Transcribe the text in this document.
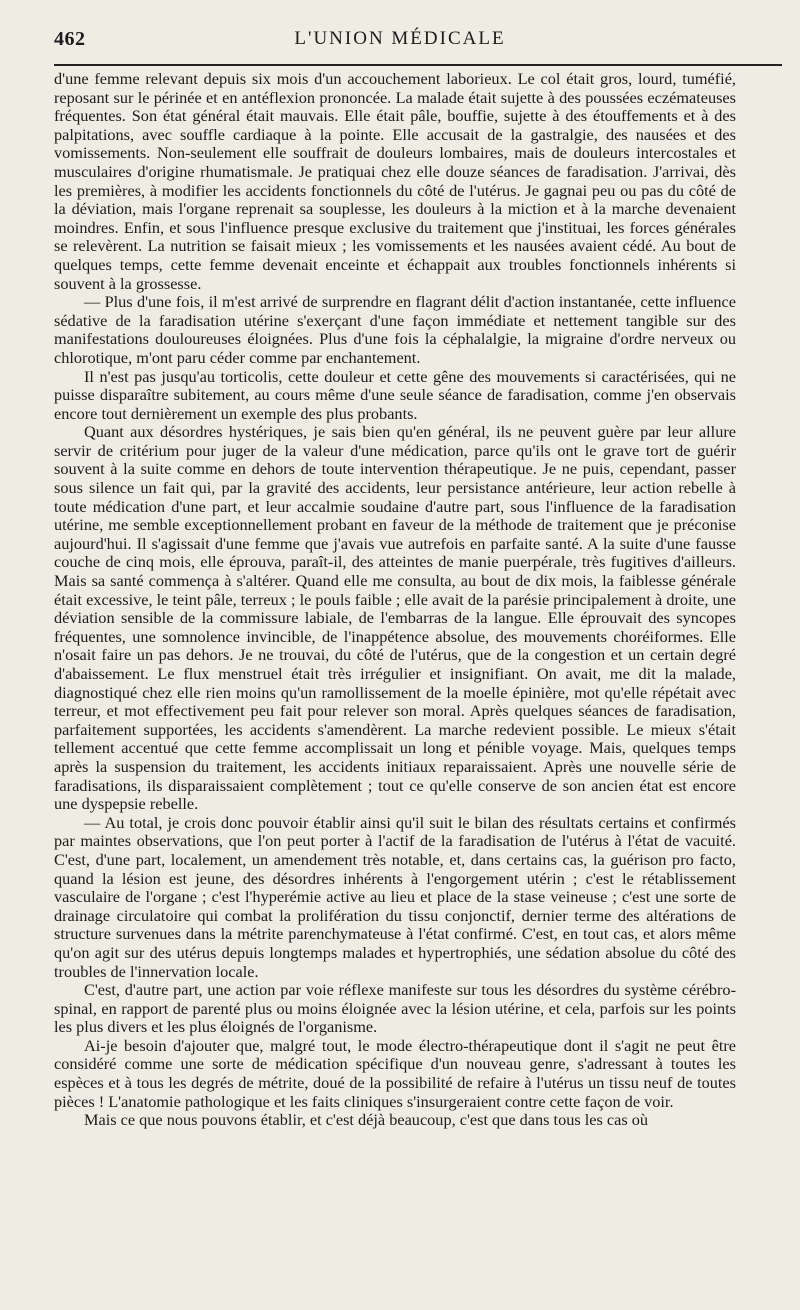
462	L'UNION MÉDICALE

d'une femme relevant depuis six mois d'un accouchement laborieux. Le col était gros, lourd, tuméfié, reposant sur le périnée et en antéflexion prononcée. La malade était sujette à des poussées eczémateuses fréquentes. Son état général était mauvais. Elle était pâle, bouffie, sujette à des étouffements et à des palpitations, avec souffle cardiaque à la pointe. Elle accusait de la gastralgie, des nausées et des vomissements. Non-seulement elle souffrait de douleurs lombaires, mais de douleurs intercostales et musculaires d'origine rhumatismale. Je pratiquai chez elle douze séances de faradisation. J'arrivai, dès les premières, à modifier les accidents fonctionnels du côté de l'utérus. Je gagnai peu ou pas du côté de la déviation, mais l'organe reprenait sa souplesse, les douleurs à la miction et à la marche devenaient moindres. Enfin, et sous l'influence presque exclusive du traitement que j'instituai, les forces générales se relevèrent. La nutrition se faisait mieux ; les vomissements et les nausées avaient cédé. Au bout de quelques temps, cette femme devenait enceinte et échappait aux troubles fonctionnels inhérents si souvent à la grossesse.

— Plus d'une fois, il m'est arrivé de surprendre en flagrant délit d'action instantanée, cette influence sédative de la faradisation utérine s'exerçant d'une façon immédiate et nettement tangible sur des manifestations douloureuses éloignées. Plus d'une fois la céphalalgie, la migraine d'ordre nerveux ou chlorotique, m'ont paru céder comme par enchantement.

Il n'est pas jusqu'au torticolis, cette douleur et cette gêne des mouvements si caractérisées, qui ne puisse disparaître subitement, au cours même d'une seule séance de faradisation, comme j'en observais encore tout dernièrement un exemple des plus probants.

Quant aux désordres hystériques, je sais bien qu'en général, ils ne peuvent guère par leur allure servir de critérium pour juger de la valeur d'une médication, parce qu'ils ont le grave tort de guérir souvent à la suite comme en dehors de toute intervention thérapeutique. Je ne puis, cependant, passer sous silence un fait qui, par la gravité des accidents, leur persistance antérieure, leur action rebelle à toute médication d'une part, et leur accalmie soudaine d'autre part, sous l'influence de la faradisation utérine, me semble exceptionnellement probant en faveur de la méthode de traitement que je préconise aujourd'hui. Il s'agissait d'une femme que j'avais vue autrefois en parfaite santé. A la suite d'une fausse couche de cinq mois, elle éprouva, paraît-il, des atteintes de manie puerpérale, très fugitives d'ailleurs. Mais sa santé commença à s'altérer. Quand elle me consulta, au bout de dix mois, la faiblesse générale était excessive, le teint pâle, terreux ; le pouls faible ; elle avait de la parésie principalement à droite, une déviation sensible de la commissure labiale, de l'embarras de la langue. Elle éprouvait des syncopes fréquentes, une somnolence invincible, de l'inappétence absolue, des mouvements choréiformes. Elle n'osait faire un pas dehors. Je ne trouvai, du côté de l'utérus, que de la congestion et un certain degré d'abaissement. Le flux menstruel était très irrégulier et insignifiant. On avait, me dit la malade, diagnostiqué chez elle rien moins qu'un ramollissement de la moelle épinière, mot qu'elle répétait avec terreur, et mot effectivement peu fait pour relever son moral. Après quelques séances de faradisation, parfaitement supportées, les accidents s'amendèrent. La marche redevient possible. Le mieux s'était tellement accentué que cette femme accomplissait un long et pénible voyage. Mais, quelques temps après la suspension du traitement, les accidents initiaux reparaissaient. Après une nouvelle série de faradisations, ils disparaissaient complètement ; tout ce qu'elle conserve de son ancien état est encore une dyspepsie rebelle.

— Au total, je crois donc pouvoir établir ainsi qu'il suit le bilan des résultats certains et confirmés par maintes observations, que l'on peut porter à l'actif de la faradisation de l'utérus à l'état de vacuité. C'est, d'une part, localement, un amendement très notable, et, dans certains cas, la guérison pro facto, quand la lésion est jeune, des désordres inhérents à l'engorgement utérin ; c'est le rétablissement vasculaire de l'organe ; c'est l'hyperémie active au lieu et place de la stase veineuse ; c'est une sorte de drainage circulatoire qui combat la prolifération du tissu conjonctif, dernier terme des altérations de structure survenues dans la métrite parenchymateuse à l'état confirmé. C'est, en tout cas, et alors même qu'on agit sur des utérus depuis longtemps malades et hypertrophiés, une sédation absolue du côté des troubles de l'innervation locale.

C'est, d'autre part, une action par voie réflexe manifeste sur tous les désordres du système cérébro-spinal, en rapport de parenté plus ou moins éloignée avec la lésion utérine, et cela, parfois sur les points les plus divers et les plus éloignés de l'organisme.

Ai-je besoin d'ajouter que, malgré tout, le mode électro-thérapeutique dont il s'agit ne peut être considéré comme une sorte de médication spécifique d'un nouveau genre, s'adressant à toutes les espèces et à tous les degrés de métrite, doué de la possibilité de refaire à l'utérus un tissu neuf de toutes pièces ! L'anatomie pathologique et les faits cliniques s'insurgeraient contre cette façon de voir.

Mais ce que nous pouvons établir, et c'est déjà beaucoup, c'est que dans tous les cas où
